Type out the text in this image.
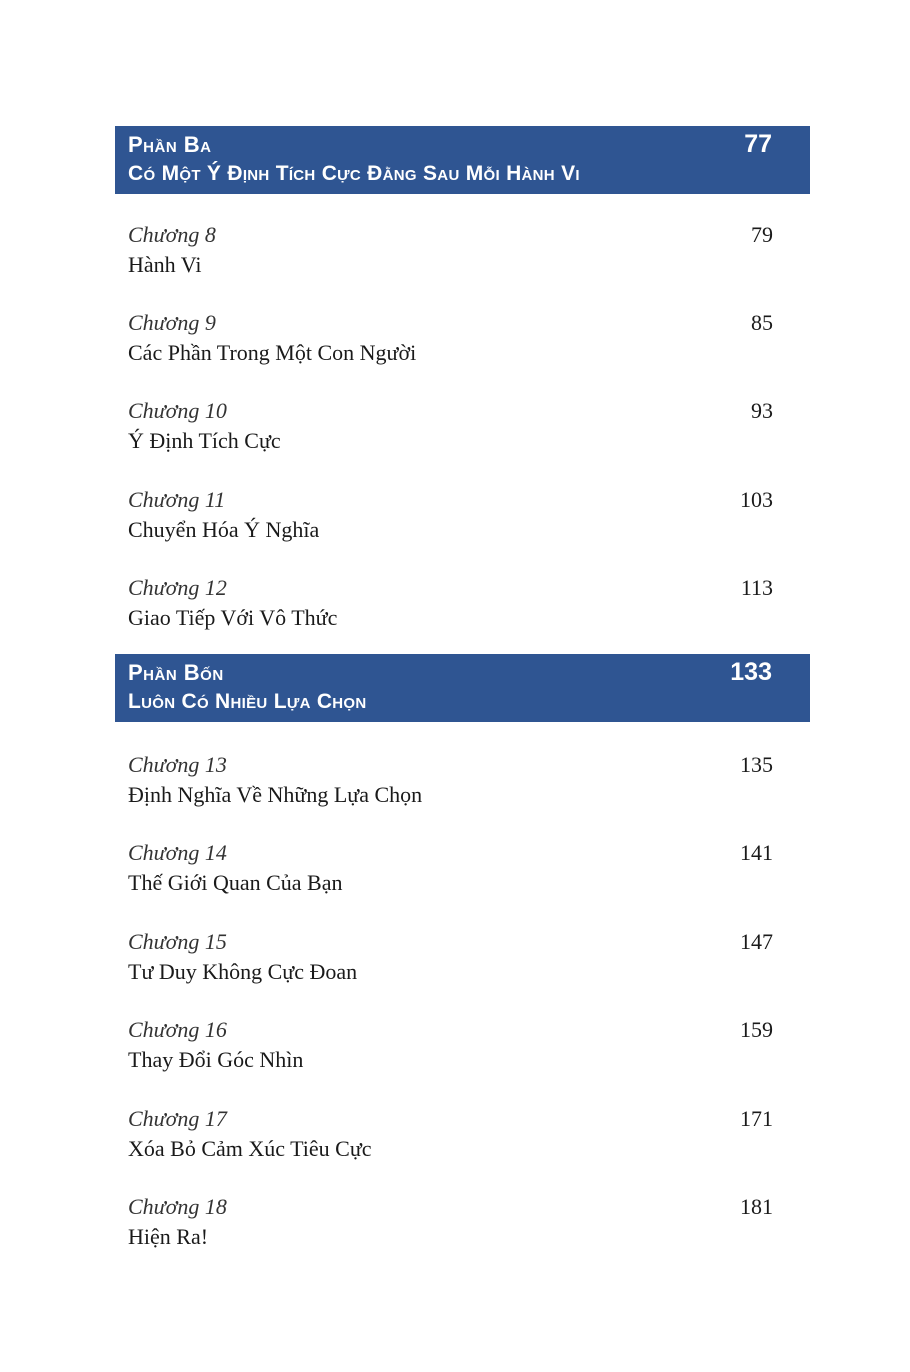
Phần Ba
Có Một Ý Định Tích Cực Đằng Sau Mỗi Hành Vi
77
Chương 8
Hành Vi
79
Chương 9
Các Phần Trong Một Con Người
85
Chương 10
Ý Định Tích Cực
93
Chương 11
Chuyển Hóa Ý Nghĩa
103
Chương 12
Giao Tiếp Với Vô Thức
113
Phần Bốn
Luôn Có Nhiều Lựa Chọn
133
Chương 13
Định Nghĩa Về Những Lựa Chọn
135
Chương 14
Thế Giới Quan Của Bạn
141
Chương 15
Tư Duy Không Cực Đoan
147
Chương 16
Thay Đổi Góc Nhìn
159
Chương 17
Xóa Bỏ Cảm Xúc Tiêu Cực
171
Chương 18
Hiện Ra!
181
